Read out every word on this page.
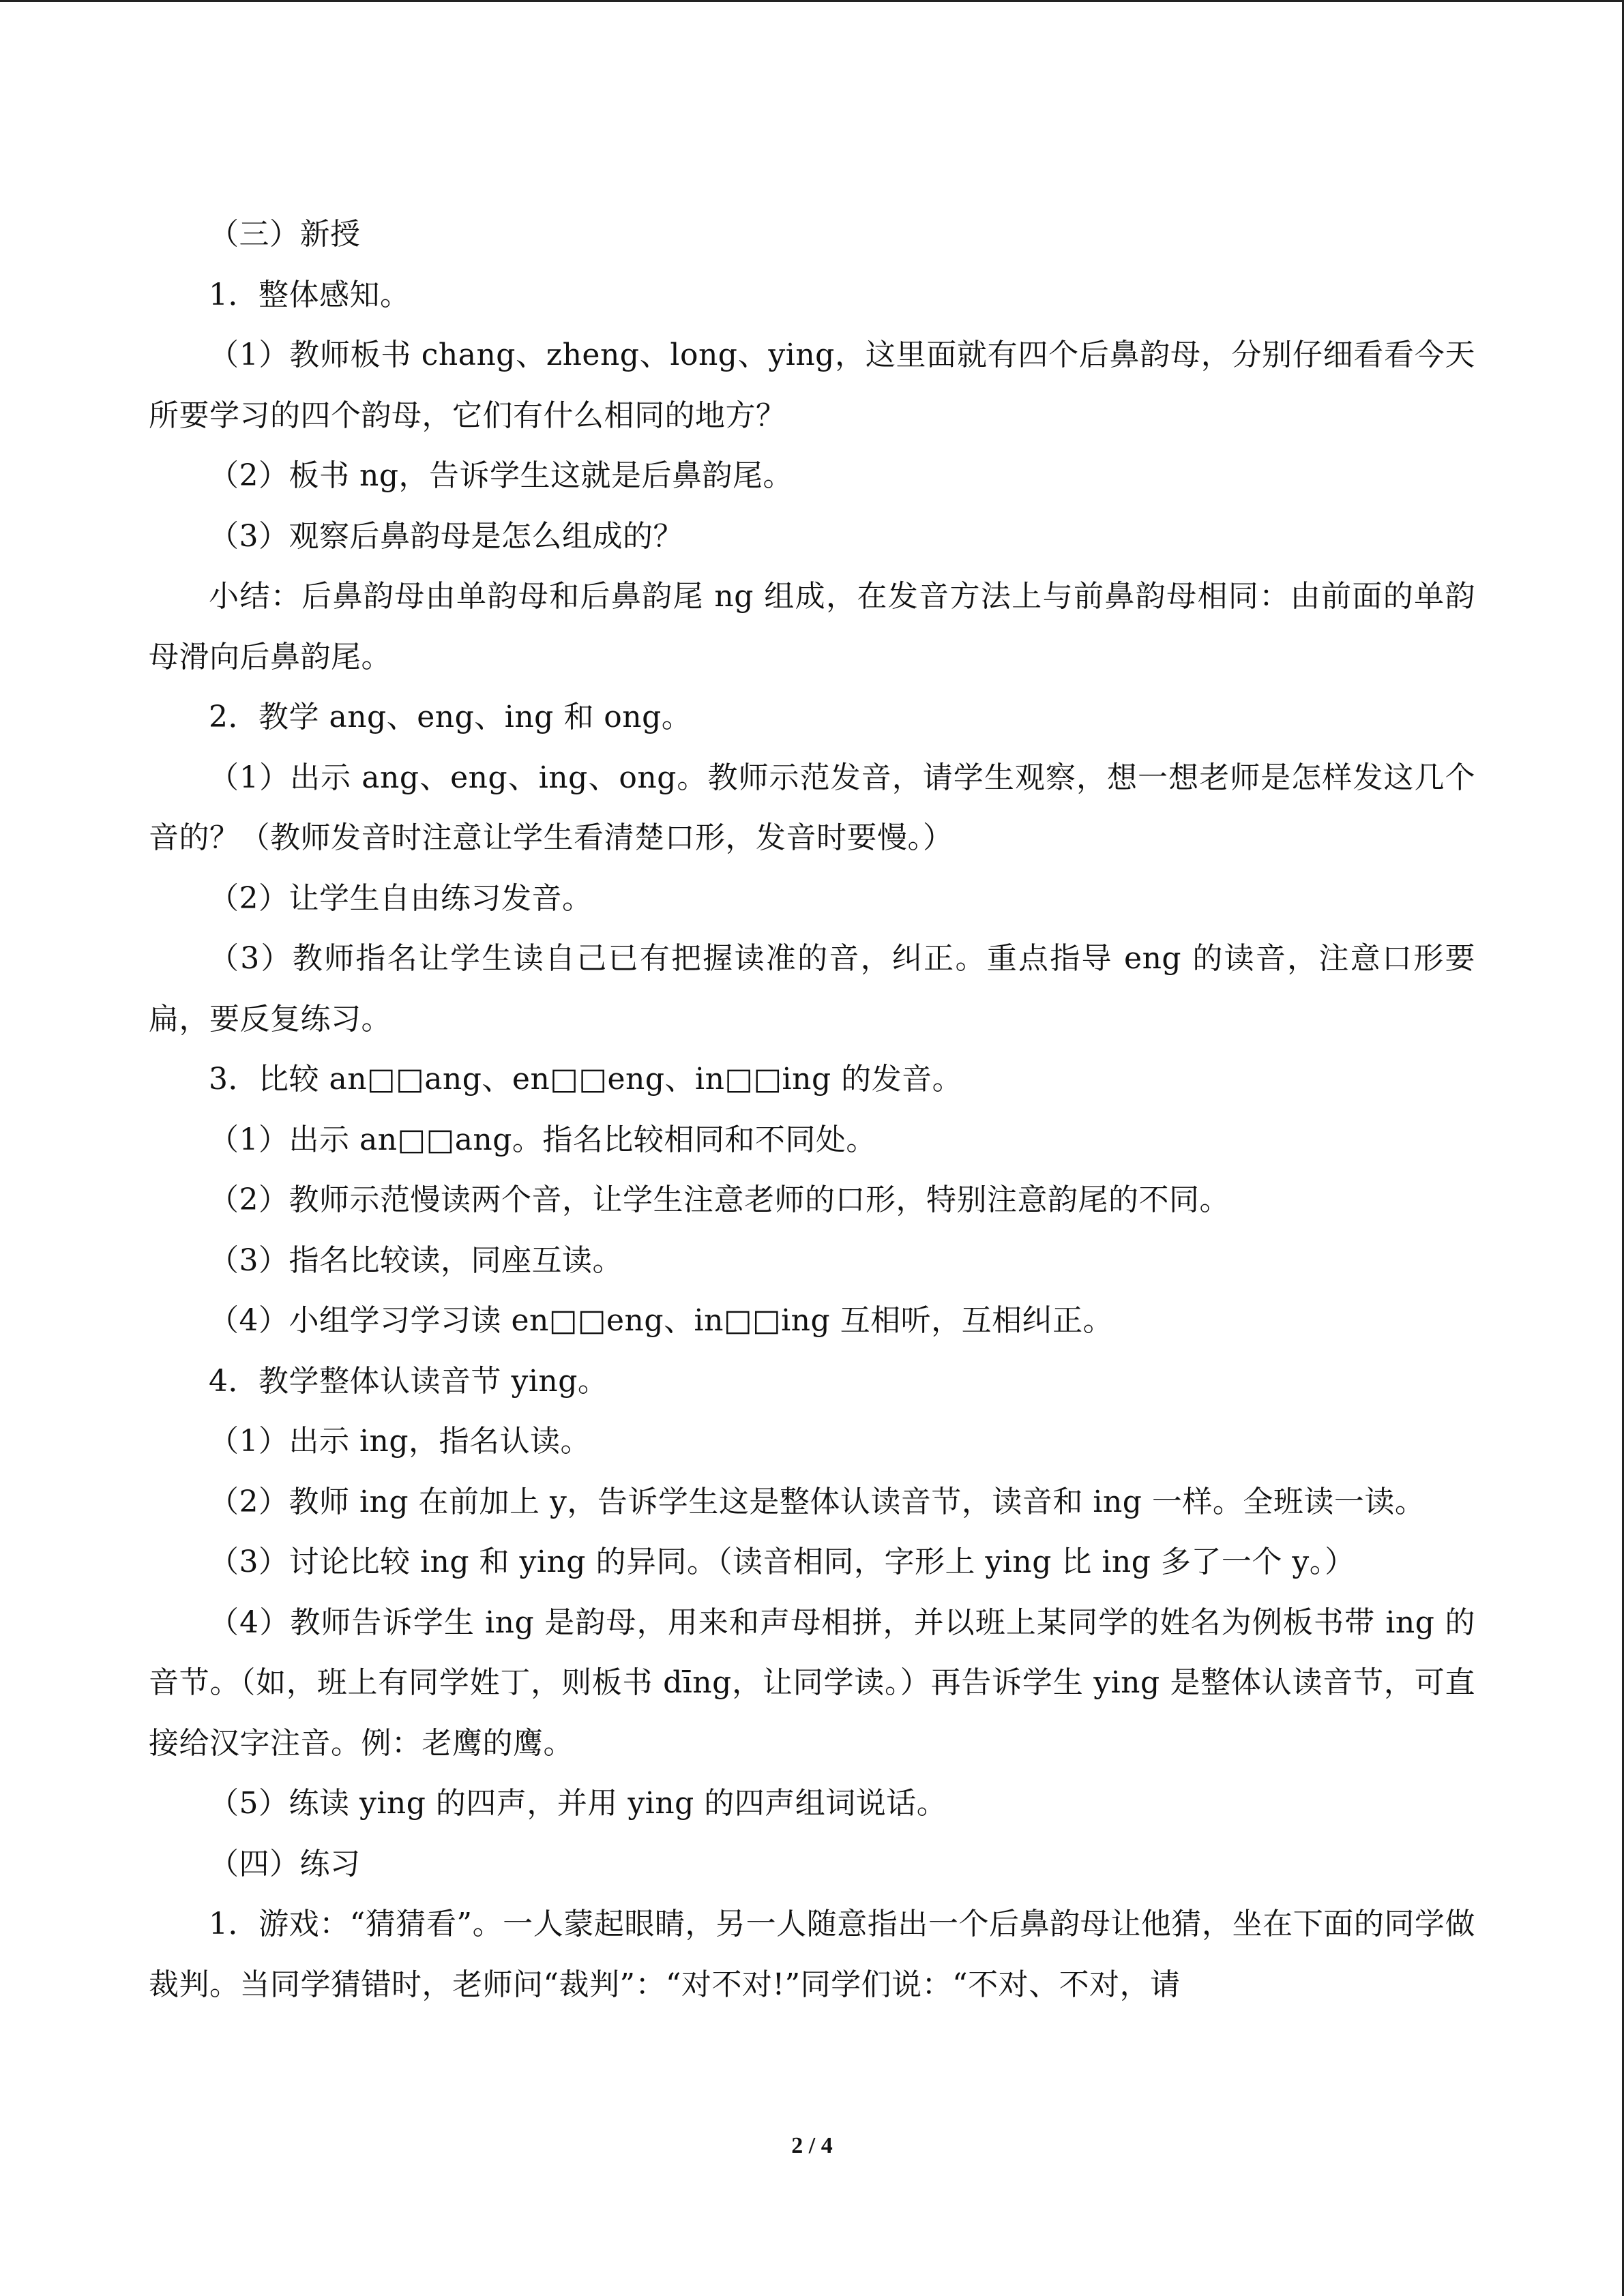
（三）新授

1．整体感知。

（1）教师板书 chang、zheng、long、ying，这里面就有四个后鼻韵母，分别仔细看看今天所要学习的四个韵母，它们有什么相同的地方？

（2）板书 ng，告诉学生这就是后鼻韵尾。

（3）观察后鼻韵母是怎么组成的？

小结：后鼻韵母由单韵母和后鼻韵尾 ng 组成，在发音方法上与前鼻韵母相同：由前面的单韵母滑向后鼻韵尾。

2．教学 ang、eng、ing 和 ong。

（1）出示 ang、eng、ing、ong。教师示范发音，请学生观察，想一想老师是怎样发这几个音的？（教师发音时注意让学生看清楚口形，发音时要慢。）

（2）让学生自由练习发音。

（3）教师指名让学生读自己已有把握读准的音，纠正。重点指导 eng 的读音，注意口形要扁，要反复练习。

3．比较 an□□ang、en□□eng、in□□ing 的发音。

（1）出示 an□□ang。指名比较相同和不同处。

（2）教师示范慢读两个音，让学生注意老师的口形，特别注意韵尾的不同。

（3）指名比较读，同座互读。

（4）小组学习学习读 en□□eng、in□□ing 互相听，互相纠正。

4．教学整体认读音节 ying。

（1）出示 ing，指名认读。

（2）教师 ing 在前加上 y，告诉学生这是整体认读音节，读音和 ing 一样。全班读一读。

（3）讨论比较 ing 和 ying 的异同。（读音相同，字形上 ying 比 ing 多了一个 y。）

（4）教师告诉学生 ing 是韵母，用来和声母相拼，并以班上某同学的姓名为例板书带 ing 的音节。（如，班上有同学姓丁，则板书 dīng，让同学读。）再告诉学生 ying 是整体认读音节，可直接给汉字注音。例：老鹰的鹰。

（5）练读 ying 的四声，并用 ying 的四声组词说话。

（四）练习

1．游戏：“猜猜看”。一人蒙起眼睛，另一人随意指出一个后鼻韵母让他猜，坐在下面的同学做裁判。当同学猜错时，老师问“裁判”：“对不对!”同学们说：“不对、不对，请

2 / 4
